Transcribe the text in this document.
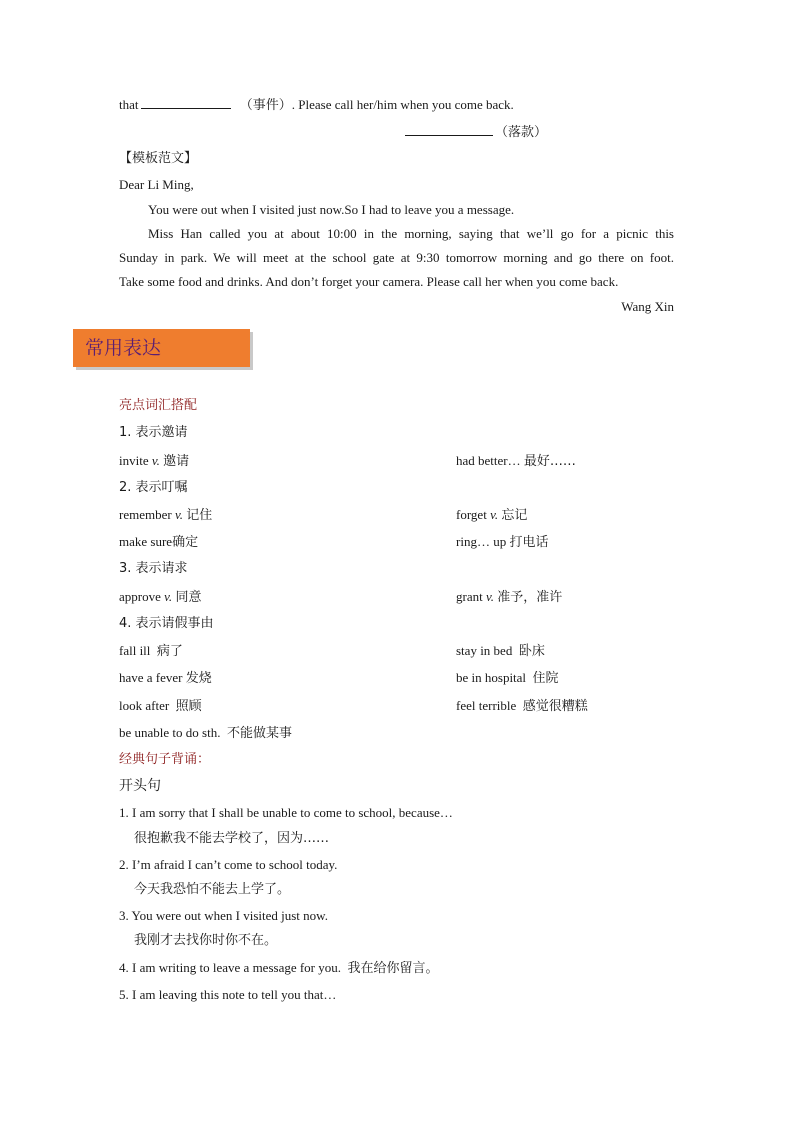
that	（事件）. Please call her/him when you come back.
（落款）
【模板范文】
Dear Li Ming,
You were out when I visited just now.So I had to leave you a message.
Miss Han called you at about 10:00 in the morning, saying that we’ll go for a picnic this
Sunday in park. We will meet at the school gate at 9:30 tomorrow morning and go there on foot.
Take some food and drinks. And don’t forget your camera. Please call her when you come back.
Wang Xin
常用表达
亮点词汇搭配
1. 表示邀请
invite v. 邀请	had better… 最好……
2. 表示叮嘱
remember v. 记住	forget v. 忘记
make sure确定	ring… up 打电话
3. 表示请求
approve v. 同意	grant v. 准予，准许
4. 表示请假事由
fall ill 病了	stay in bed 卧床
have a fever 发烧	be in hospital 住院
look after 照顾	feel terrible 感觉很糟糕
be unable to do sth. 不能做某事
经典句子背诵：
开头句
1. I am sorry that I shall be unable to come to school, because…
很抱歉我不能去学校了，因为……
2. I’m afraid I can’t come to school today.
今天我恐怕不能去上学了。
3. You were out when I visited just now.
我刚才去找你时你不在。
4. I am writing to leave a message for you. 我在给你留言。
5. I am leaving this note to tell you that…
